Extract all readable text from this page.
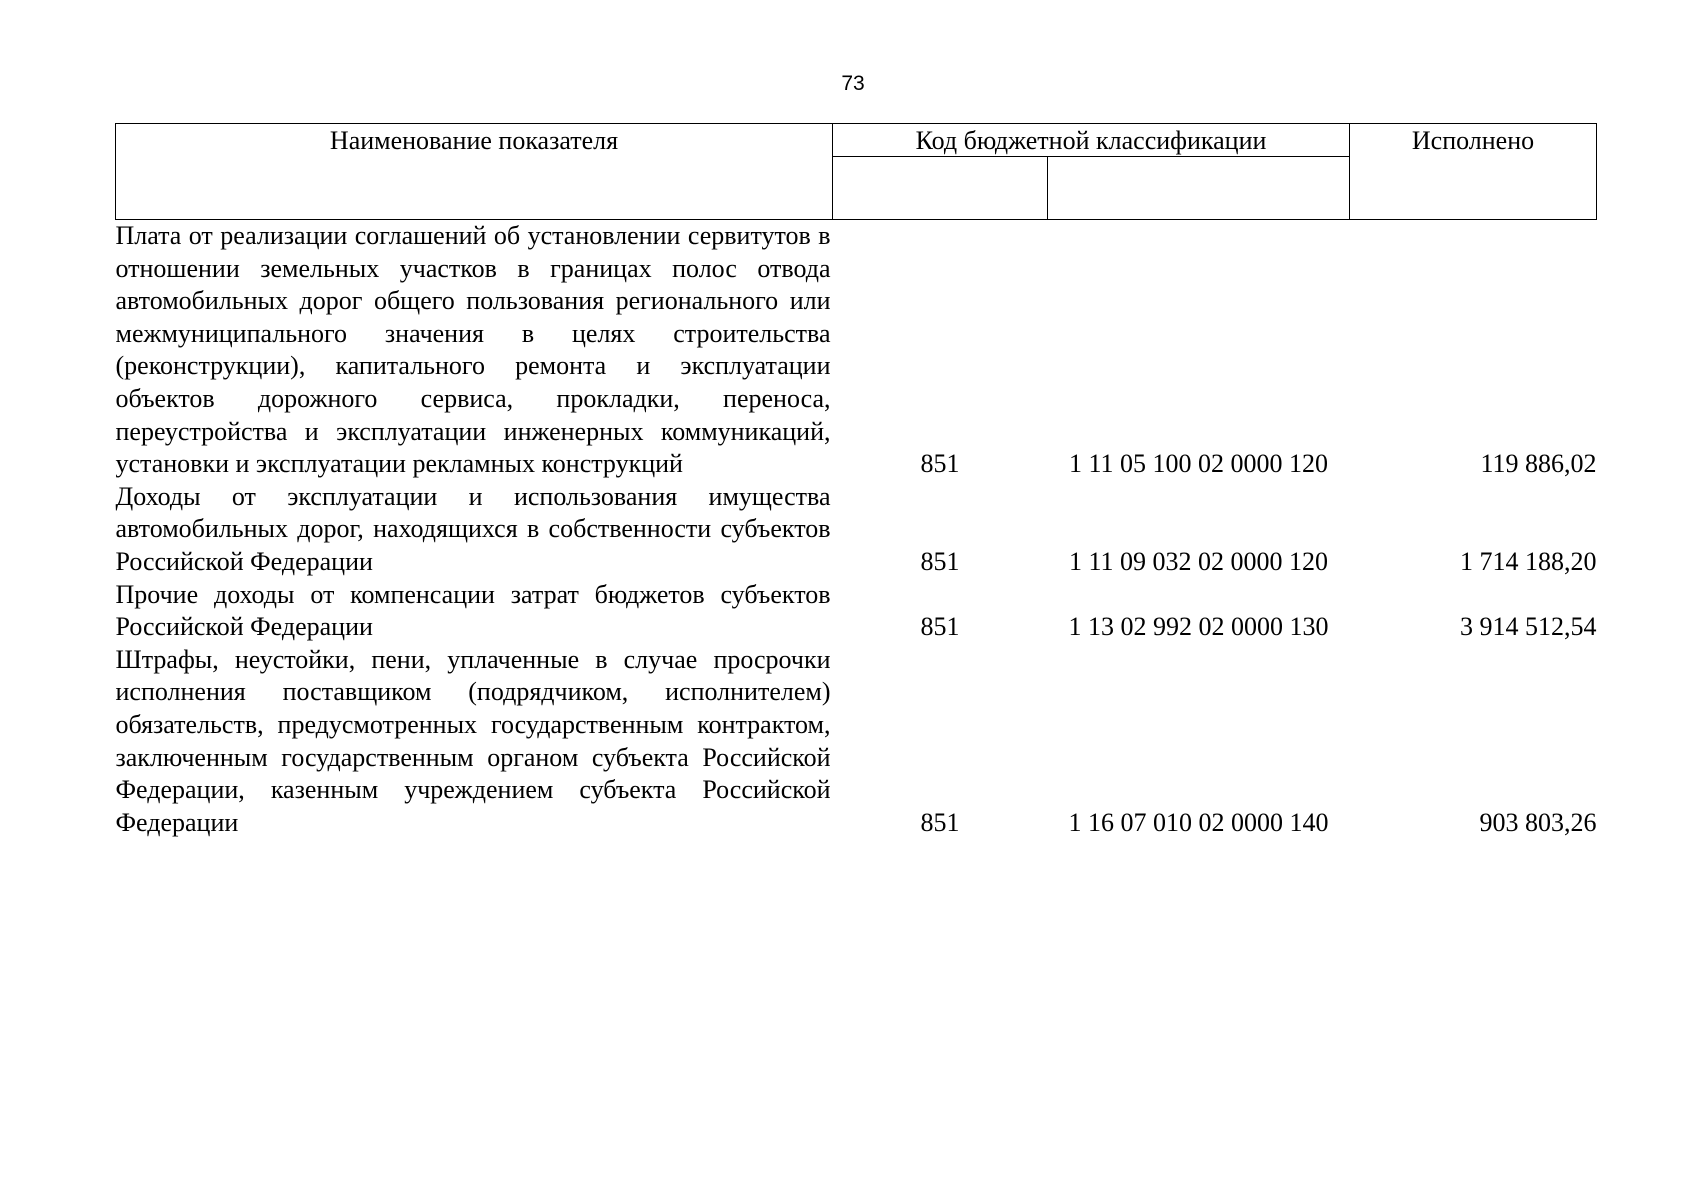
73
Наименование показателя	Код бюджетной классификации		Исполнено

Плата от реализации соглашений об установлении сервитутов в отношении земельных участков в границах полос отвода автомобильных дорог общего пользования регионального или межмуниципального значения в целях строительства (реконструкции), капитального ремонта и эксплуатации объектов дорожного сервиса, прокладки, переноса, переустройства и эксплуатации инженерных коммуникаций, установки и эксплуатации рекламных конструкций	851	1 11 05 100 02 0000 120	119 886,02
Доходы от эксплуатации и использования имущества автомобильных дорог, находящихся в собственности субъектов Российской Федерации	851	1 11 09 032 02 0000 120	1 714 188,20
Прочие доходы от компенсации затрат бюджетов субъектов Российской Федерации	851	1 13 02 992 02 0000 130	3 914 512,54
Штрафы, неустойки, пени, уплаченные в случае просрочки исполнения поставщиком (подрядчиком, исполнителем) обязательств, предусмотренных государственным контрактом, заключенным государственным органом субъекта Российской Федерации, казенным учреждением субъекта Российской Федерации	851	1 16 07 010 02 0000 140	903 803,26
